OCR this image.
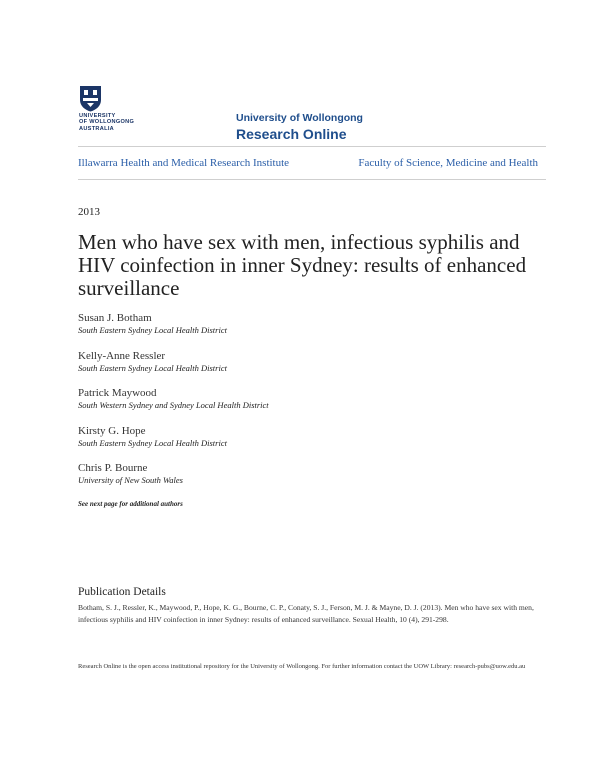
UNIVERSITY
OF WOLLONGONG
AUSTRALIA
University of Wollongong
Research Online
Illawarra Health and Medical Research Institute	Faculty of Science, Medicine and Health
2013
Men who have sex with men, infectious syphilis and HIV coinfection in inner Sydney: results of enhanced surveillance
Susan J. Botham
South Eastern Sydney Local Health District
Kelly-Anne Ressler
South Eastern Sydney Local Health District
Patrick Maywood
South Western Sydney and Sydney Local Health District
Kirsty G. Hope
South Eastern Sydney Local Health District
Chris P. Bourne
University of New South Wales
See next page for additional authors
Publication Details
Botham, S. J., Ressler, K., Maywood, P., Hope, K. G., Bourne, C. P., Conaty, S. J., Ferson, M. J. & Mayne, D. J. (2013). Men who have sex with men, infectious syphilis and HIV coinfection in inner Sydney: results of enhanced surveillance. Sexual Health, 10 (4), 291-298.
Research Online is the open access institutional repository for the University of Wollongong. For further information contact the UOW Library: research-pubs@uow.edu.au
